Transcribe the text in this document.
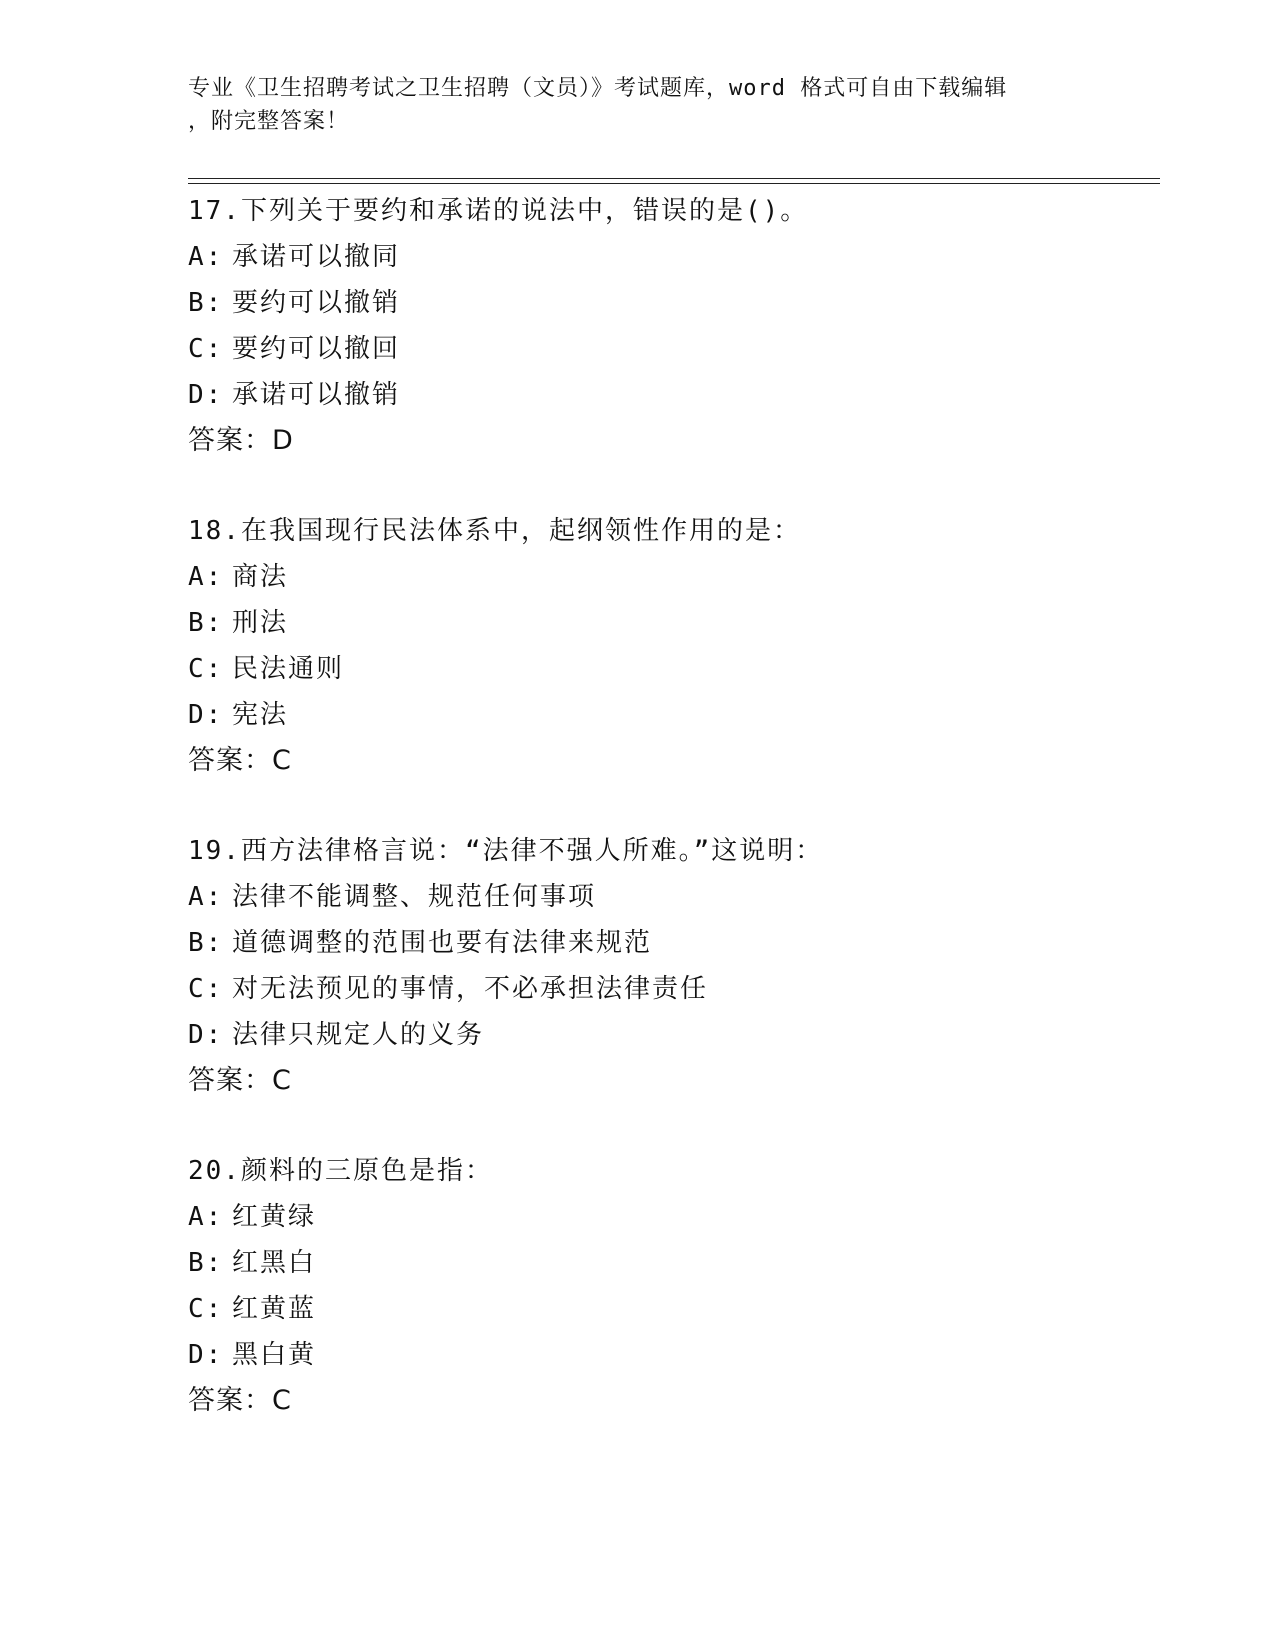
专业《卫生招聘考试之卫生招聘（文员）》考试题库，word 格式可自由下载编辑
，附完整答案！
17.下列关于要约和承诺的说法中，错误的是()。
A: 承诺可以撤同
B: 要约可以撤销
C: 要约可以撤回
D: 承诺可以撤销
答案：D
18.在我国现行民法体系中，起纲领性作用的是：
A: 商法
B: 刑法
C: 民法通则
D: 宪法
答案：C
19.西方法律格言说：“法律不强人所难。”这说明：
A: 法律不能调整、规范任何事项
B: 道德调整的范围也要有法律来规范
C: 对无法预见的事情，不必承担法律责任
D: 法律只规定人的义务
答案：C
20.颜料的三原色是指：
A: 红黄绿
B: 红黑白
C: 红黄蓝
D: 黑白黄
答案：C
